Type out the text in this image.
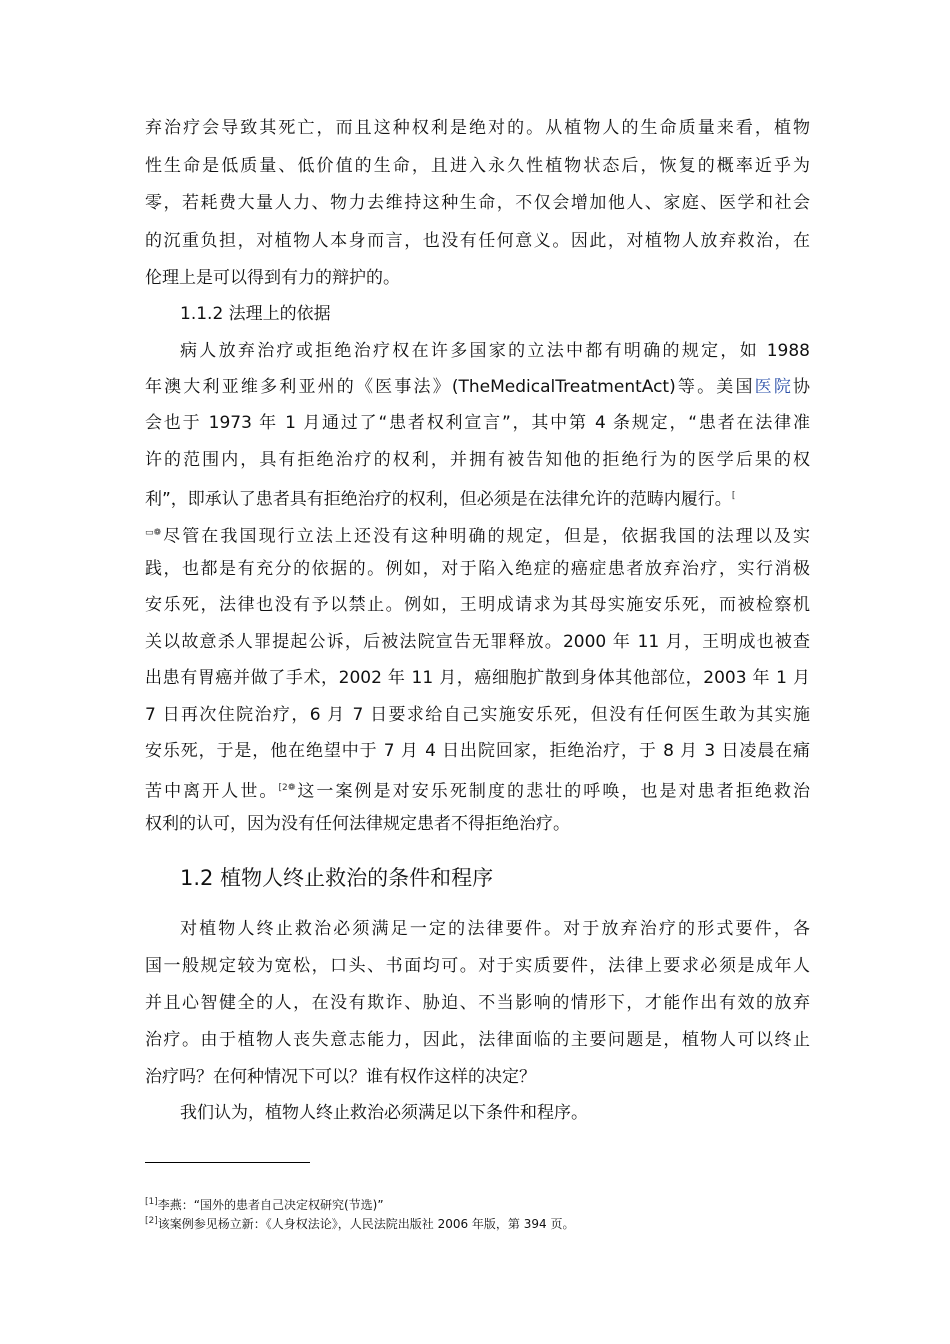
弃治疗会导致其死亡，而且这种权利是绝对的。从植物人的生命质量来看，植物
性生命是低质量、低价值的生命，且进入永久性植物状态后，恢复的概率近乎为
零，若耗费大量人力、物力去维持这种生命，不仅会增加他人、家庭、医学和社会
的沉重负担，对植物人本身而言，也没有任何意义。因此，对植物人放弃救治，在
伦理上是可以得到有力的辩护的。
1.1.2 法理上的依据
病人放弃治疗或拒绝治疗权在许多国家的立法中都有明确的规定，如 1988
年澳大利亚维多利亚州的《医事法》(TheMedicalTreatmentAct)等。美国医院协
会也于 1973 年 1 月通过了“患者权利宣言”，其中第 4 条规定，“患者在法律准
许的范围内，具有拒绝治疗的权利，并拥有被告知他的拒绝行为的医学后果的权
利”，即承认了患者具有拒绝治疗的权利，但必须是在法律允许的范畴内履行。[
▭❁尽管在我国现行立法上还没有这种明确的规定，但是，依据我国的法理以及实
践，也都是有充分的依据的。例如，对于陷入绝症的癌症患者放弃治疗，实行消极
安乐死，法律也没有予以禁止。例如，王明成请求为其母实施安乐死，而被检察机
关以故意杀人罪提起公诉，后被法院宣告无罪释放。2000 年 11 月，王明成也被查
出患有胃癌并做了手术，2002 年 11 月，癌细胞扩散到身体其他部位，2003 年 1 月
7 日再次住院治疗，6 月 7 日要求给自己实施安乐死，但没有任何医生敢为其实施
安乐死，于是，他在绝望中于 7 月 4 日出院回家，拒绝治疗，于 8 月 3 日凌晨在痛
苦中离开人世。$^{[2❁}$这一案例是对安乐死制度的悲壮的呼唤，也是对患者拒绝救治
权利的认可，因为没有任何法律规定患者不得拒绝治疗。
1.2 植物人终止救治的条件和程序
对植物人终止救治必须满足一定的法律要件。对于放弃治疗的形式要件，各
国一般规定较为宽松，口头、书面均可。对于实质要件，法律上要求必须是成年人
并且心智健全的人，在没有欺诈、胁迫、不当影响的情形下，才能作出有效的放弃
治疗。由于植物人丧失意志能力，因此，法律面临的主要问题是，植物人可以终止
治疗吗？在何种情况下可以？谁有权作这样的决定？
我们认为，植物人终止救治必须满足以下条件和程序。
[1]李燕：“国外的患者自己决定权研究(节选)”
[2]该案例参见杨立新：《人身权法论》，人民法院出版社 2006 年版，第 394 页。
